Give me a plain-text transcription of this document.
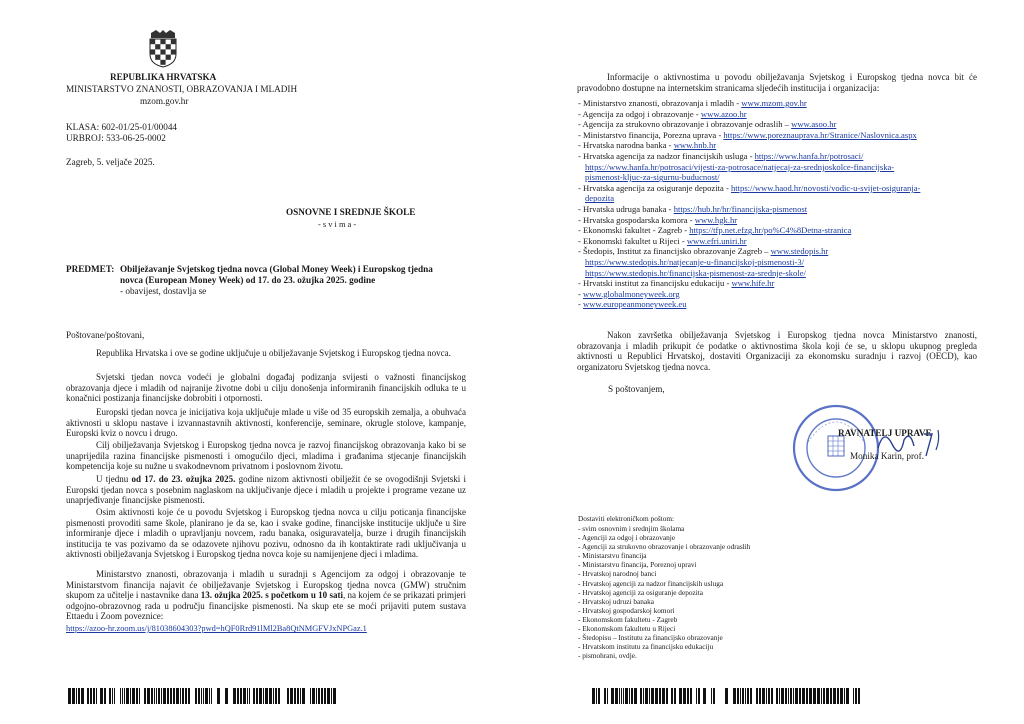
REPUBLIKA HRVATSKA
MINISTARSTVO ZNANOSTI, OBRAZOVANJA I MLADIH
mzom.gov.hr
KLASA: 602-01/25-01/00044
URBROJ: 533-06-25-0002
Zagreb, 5. veljače 2025.
OSNOVNE I SREDNJE ŠKOLE
- s v i m a -
PREDMET: Obilježavanje Svjetskog tjedna novca (Global Money Week) i Europskog tjedna
novca (European Money Week) od 17. do 23. ožujka 2025. godine
- obavijest, dostavlja se
Poštovane/poštovani,
Republika Hrvatska i ove se godine uključuje u obilježavanje Svjetskog i Europskog tjedna novca.
Svjetski tjedan novca vodeći je globalni događaj podizanja svijesti o važnosti financijskog obrazovanja djece i mladih od najranije životne dobi u cilju donošenja informiranih financijskih odluka te u konačnici postizanja financijske dobrobiti i otpornosti.
Europski tjedan novca je inicijativa koja uključuje mlade u više od 35 europskih zemalja, a obuhvaća aktivnosti u sklopu nastave i izvannastavnih aktivnosti, konferencije, seminare, okrugle stolove, kampanje, Europski kviz o novcu i drugo.
Cilj obilježavanja Svjetskog i Europskog tjedna novca je razvoj financijskog obrazovanja kako bi se unaprijedila razina financijske pismenosti i omogućilo djeci, mladima i građanima stjecanje financijskih kompetencija koje su nužne u svakodnevnom privatnom i poslovnom životu.
U tjednu od 17. do 23. ožujka 2025. godine nizom aktivnosti obilježit će se ovogodišnji Svjetski i Europski tjedan novca s posebnim naglaskom na uključivanje djece i mladih u projekte i programe vezane uz unaprjeđivanje financijske pismenosti.
Osim aktivnosti koje će u povodu Svjetskog i Europskog tjedna novca u cilju poticanja financijske pismenosti provoditi same škole, planirano je da se, kao i svake godine, financijske institucije uključe u šire informiranje djece i mladih o upravljanju novcem, radu banaka, osiguravatelja, burze i drugih financijskih institucija te vas pozivamo da se odazovete njihovu pozivu, odnosno da ih kontaktirate radi uključivanja u aktivnosti obilježavanja Svjetskog i Europskog tjedna novca koje su namijenjene djeci i mladima.
Ministarstvo znanosti, obrazovanja i mladih u suradnji s Agencijom za odgoj i obrazovanje te Ministarstvom financija najavit će obilježavanje Svjetskog i Europskog tjedna novca (GMW) stručnim skupom za učitelje i nastavnike dana 13. ožujka 2025. s početkom u 10 sati, na kojem će se prikazati primjeri odgojno-obrazovnog rada u području financijske pismenosti. Na skup ete se moći prijaviti putem sustava Ettaedu i Zoom poveznice:
https://azoo-hr.zoom.us/j/81038604303?pwd=hQF0Rrd91lMl2Ba8QtNMGFVJxNPGaz.1
Informacije o aktivnostima u povodu obilježavanja Svjetskog i Europskog tjedna novca bit će pravodobno dostupne na internetskim stranicama sljedećih institucija i organizacija:
- Ministarstvo znanosti, obrazovanja i mladih - www.mzom.gov.hr
- Agencija za odgoj i obrazovanje - www.azoo.hr
- Agencija za strukovno obrazovanje i obrazovanje odraslih – www.asoo.hr
- Ministarstvo financija, Porezna uprava - https://www.poreznauprava.hr/Stranice/Naslovnica.aspx
- Hrvatska narodna banka - www.hnb.hr
- Hrvatska agencija za nadzor financijskih usluga - https://www.hanfa.hr/potrosaci/
https://www.hanfa.hr/potrosaci/vijesti-za-potrosace/natjecaj-za-srednjoskolce-financijska-
pismenost-kljuc-za-sigurnu-buducnost/
- Hrvatska agencija za osiguranje depozita - https://www.haod.hr/novosti/vodic-u-svijet-osiguranja-
depozita
- Hrvatska udruga banaka - https://hub.hr/hr/financijska-pismenost
- Hrvatska gospodarska komora - www.hgk.hr
- Ekonomski fakultet - Zagreb - https://tfp.net.efzg.hr/po%C4%8Detna-stranica
- Ekonomski fakultet u Rijeci - www.efri.uniri.hr
- Štedopis, Institut za financijsko obrazovanje Zagreb – www.stedopis.hr
https://www.stedopis.hr/natjecanje-u-financijskoj-pismenosti-3/
https://www.stedopis.hr/financijska-pismenost-za-srednje-skole/
- Hrvatski institut za financijsku edukaciju - www.hife.hr
- www.globalmoneyweek.org
- www.europeanmoneyweek.eu
Nakon završetka obilježavanja Svjetskog i Europskog tjedna novca Ministarstvo znanosti, obrazovanja i mladih prikupit će podatke o aktivnostima škola koji će se, u sklopu ukupnog pregleda aktivnosti u Republici Hrvatskoj, dostaviti Organizaciji za ekonomsku suradnju i razvoj (OECD), kao organizatoru Svjetskog tjedna novca.
S poštovanjem,
RAVNATELJ UPRAVE
Monika Karin, prof.
Dostaviti elektroničkom poštom:
- svim osnovnim i srednjim školama
- Agenciji za odgoj i obrazovanje
- Agenciji za strukovno obrazovanje i obrazovanje odraslih
- Ministarstvu financija
- Ministarstvu financija, Poreznoj upravi
- Hrvatskoj narodnoj banci
- Hrvatskoj agenciji za nadzor financijskih usluga
- Hrvatskoj agenciji za osiguranje depozita
- Hrvatskoj udruzi banaka
- Hrvatskoj gospodarskoj komori
- Ekonomskom fakultetu - Zagreb
- Ekonomskom fakultetu u Rijeci
- Štedopisu – Institutu za financijsko obrazovanje
- Hrvatskom institutu za financijsku edukaciju
- pismohrani, ovdje.
